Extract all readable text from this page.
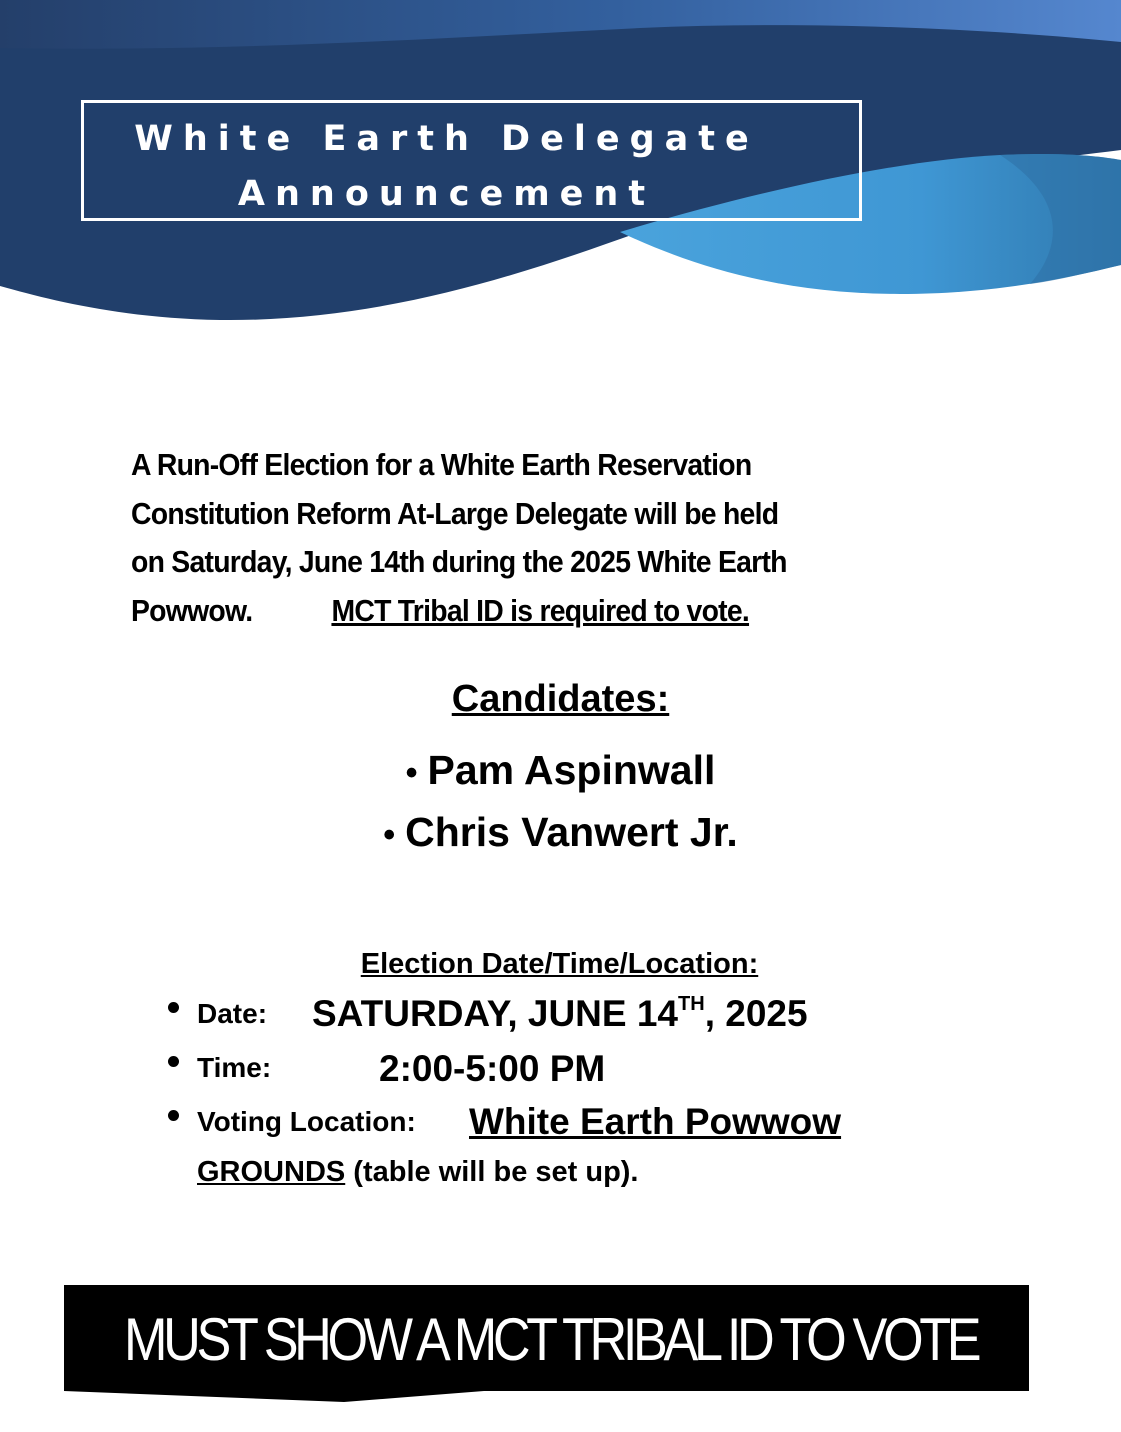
White Earth Delegate
Announcement

A Run-Off Election for a White Earth Reservation
Constitution Reform At-Large Delegate will be held
on Saturday, June 14th during the 2025 White Earth
Powwow.	MCT Tribal ID is required to vote.

Candidates:
• Pam Aspinwall
• Chris Vanwert Jr.
Election Date/Time/Location:
Date: SATURDAY, JUNE 14TH, 2025
Time:	2:00-5:00 PM
Voting Location: White Earth Powwow
GROUNDS (table will be set up).
MUST SHOW A MCT TRIBAL ID TO VOTE
